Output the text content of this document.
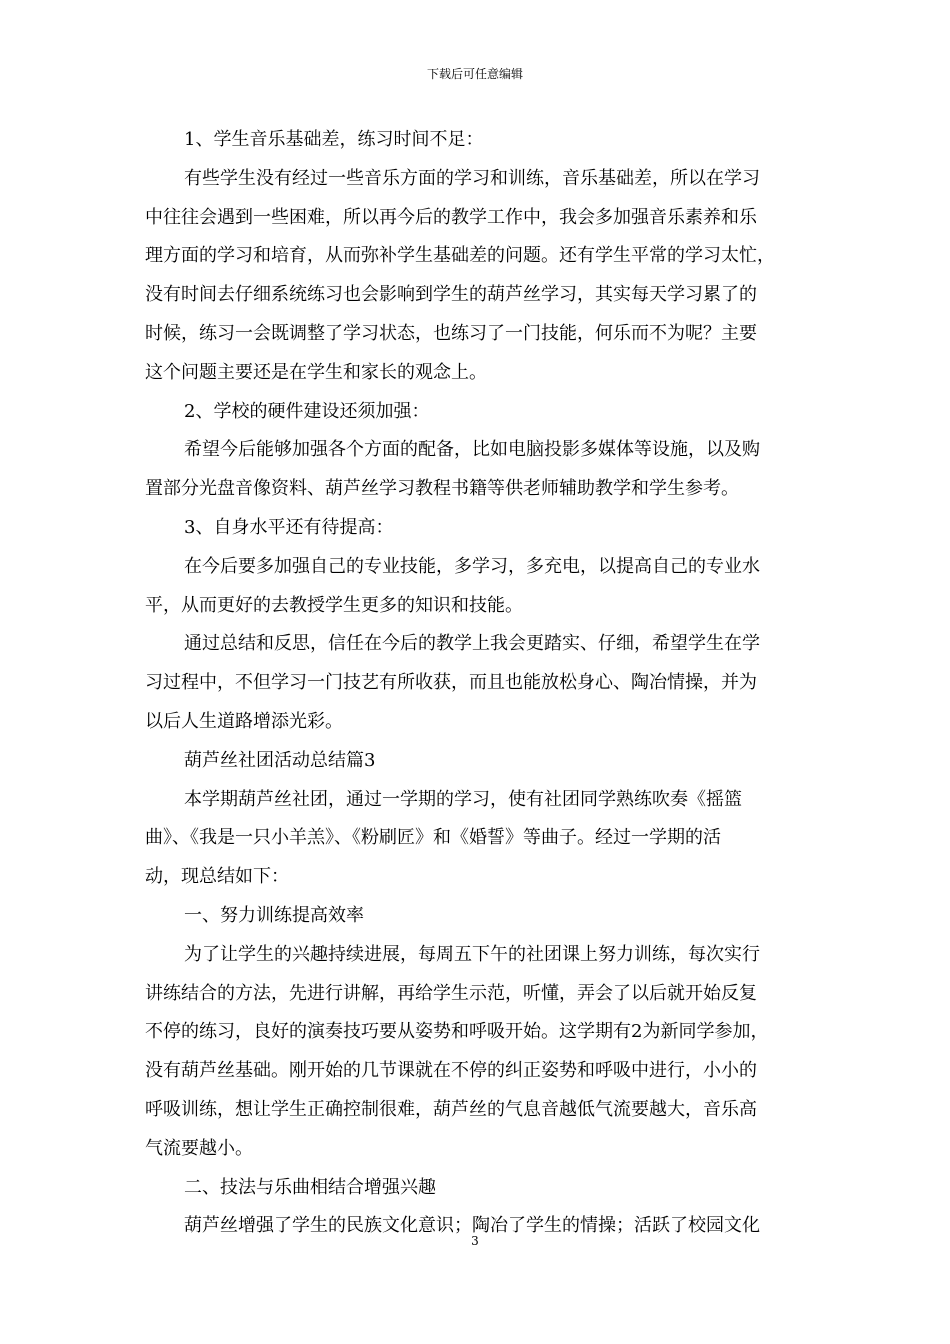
下载后可任意编辑
1、学生音乐基础差，练习时间不足：
有些学生没有经过一些音乐方面的学习和训练，音乐基础差，所以在学习
中往往会遇到一些困难，所以再今后的教学工作中，我会多加强音乐素养和乐
理方面的学习和培育，从而弥补学生基础差的问题。还有学生平常的学习太忙，
没有时间去仔细系统练习也会影响到学生的葫芦丝学习，其实每天学习累了的
时候，练习一会既调整了学习状态，也练习了一门技能，何乐而不为呢？主要
这个问题主要还是在学生和家长的观念上。
2、学校的硬件建设还须加强：
希望今后能够加强各个方面的配备，比如电脑投影多媒体等设施，以及购
置部分光盘音像资料、葫芦丝学习教程书籍等供老师辅助教学和学生参考。
3、自身水平还有待提高：
在今后要多加强自己的专业技能，多学习，多充电，以提高自己的专业水
平，从而更好的去教授学生更多的知识和技能。
通过总结和反思，信任在今后的教学上我会更踏实、仔细，希望学生在学
习过程中，不但学习一门技艺有所收获，而且也能放松身心、陶冶情操，并为
以后人生道路增添光彩。
葫芦丝社团活动总结篇3
本学期葫芦丝社团，通过一学期的学习，使有社团同学熟练吹奏《摇篮
曲》、《我是一只小羊羔》、《粉刷匠》和《婚誓》等曲子。经过一学期的活
动，现总结如下：
一、努力训练提高效率
为了让学生的兴趣持续进展，每周五下午的社团课上努力训练，每次实行
讲练结合的方法，先进行讲解，再给学生示范，听懂，弄会了以后就开始反复
不停的练习，良好的演奏技巧要从姿势和呼吸开始。这学期有2为新同学参加，
没有葫芦丝基础。刚开始的几节课就在不停的纠正姿势和呼吸中进行，小小的
呼吸训练，想让学生正确控制很难，葫芦丝的气息音越低气流要越大，音乐高
气流要越小。
二、技法与乐曲相结合增强兴趣
葫芦丝增强了学生的民族文化意识；陶冶了学生的情操；活跃了校园文化
3
